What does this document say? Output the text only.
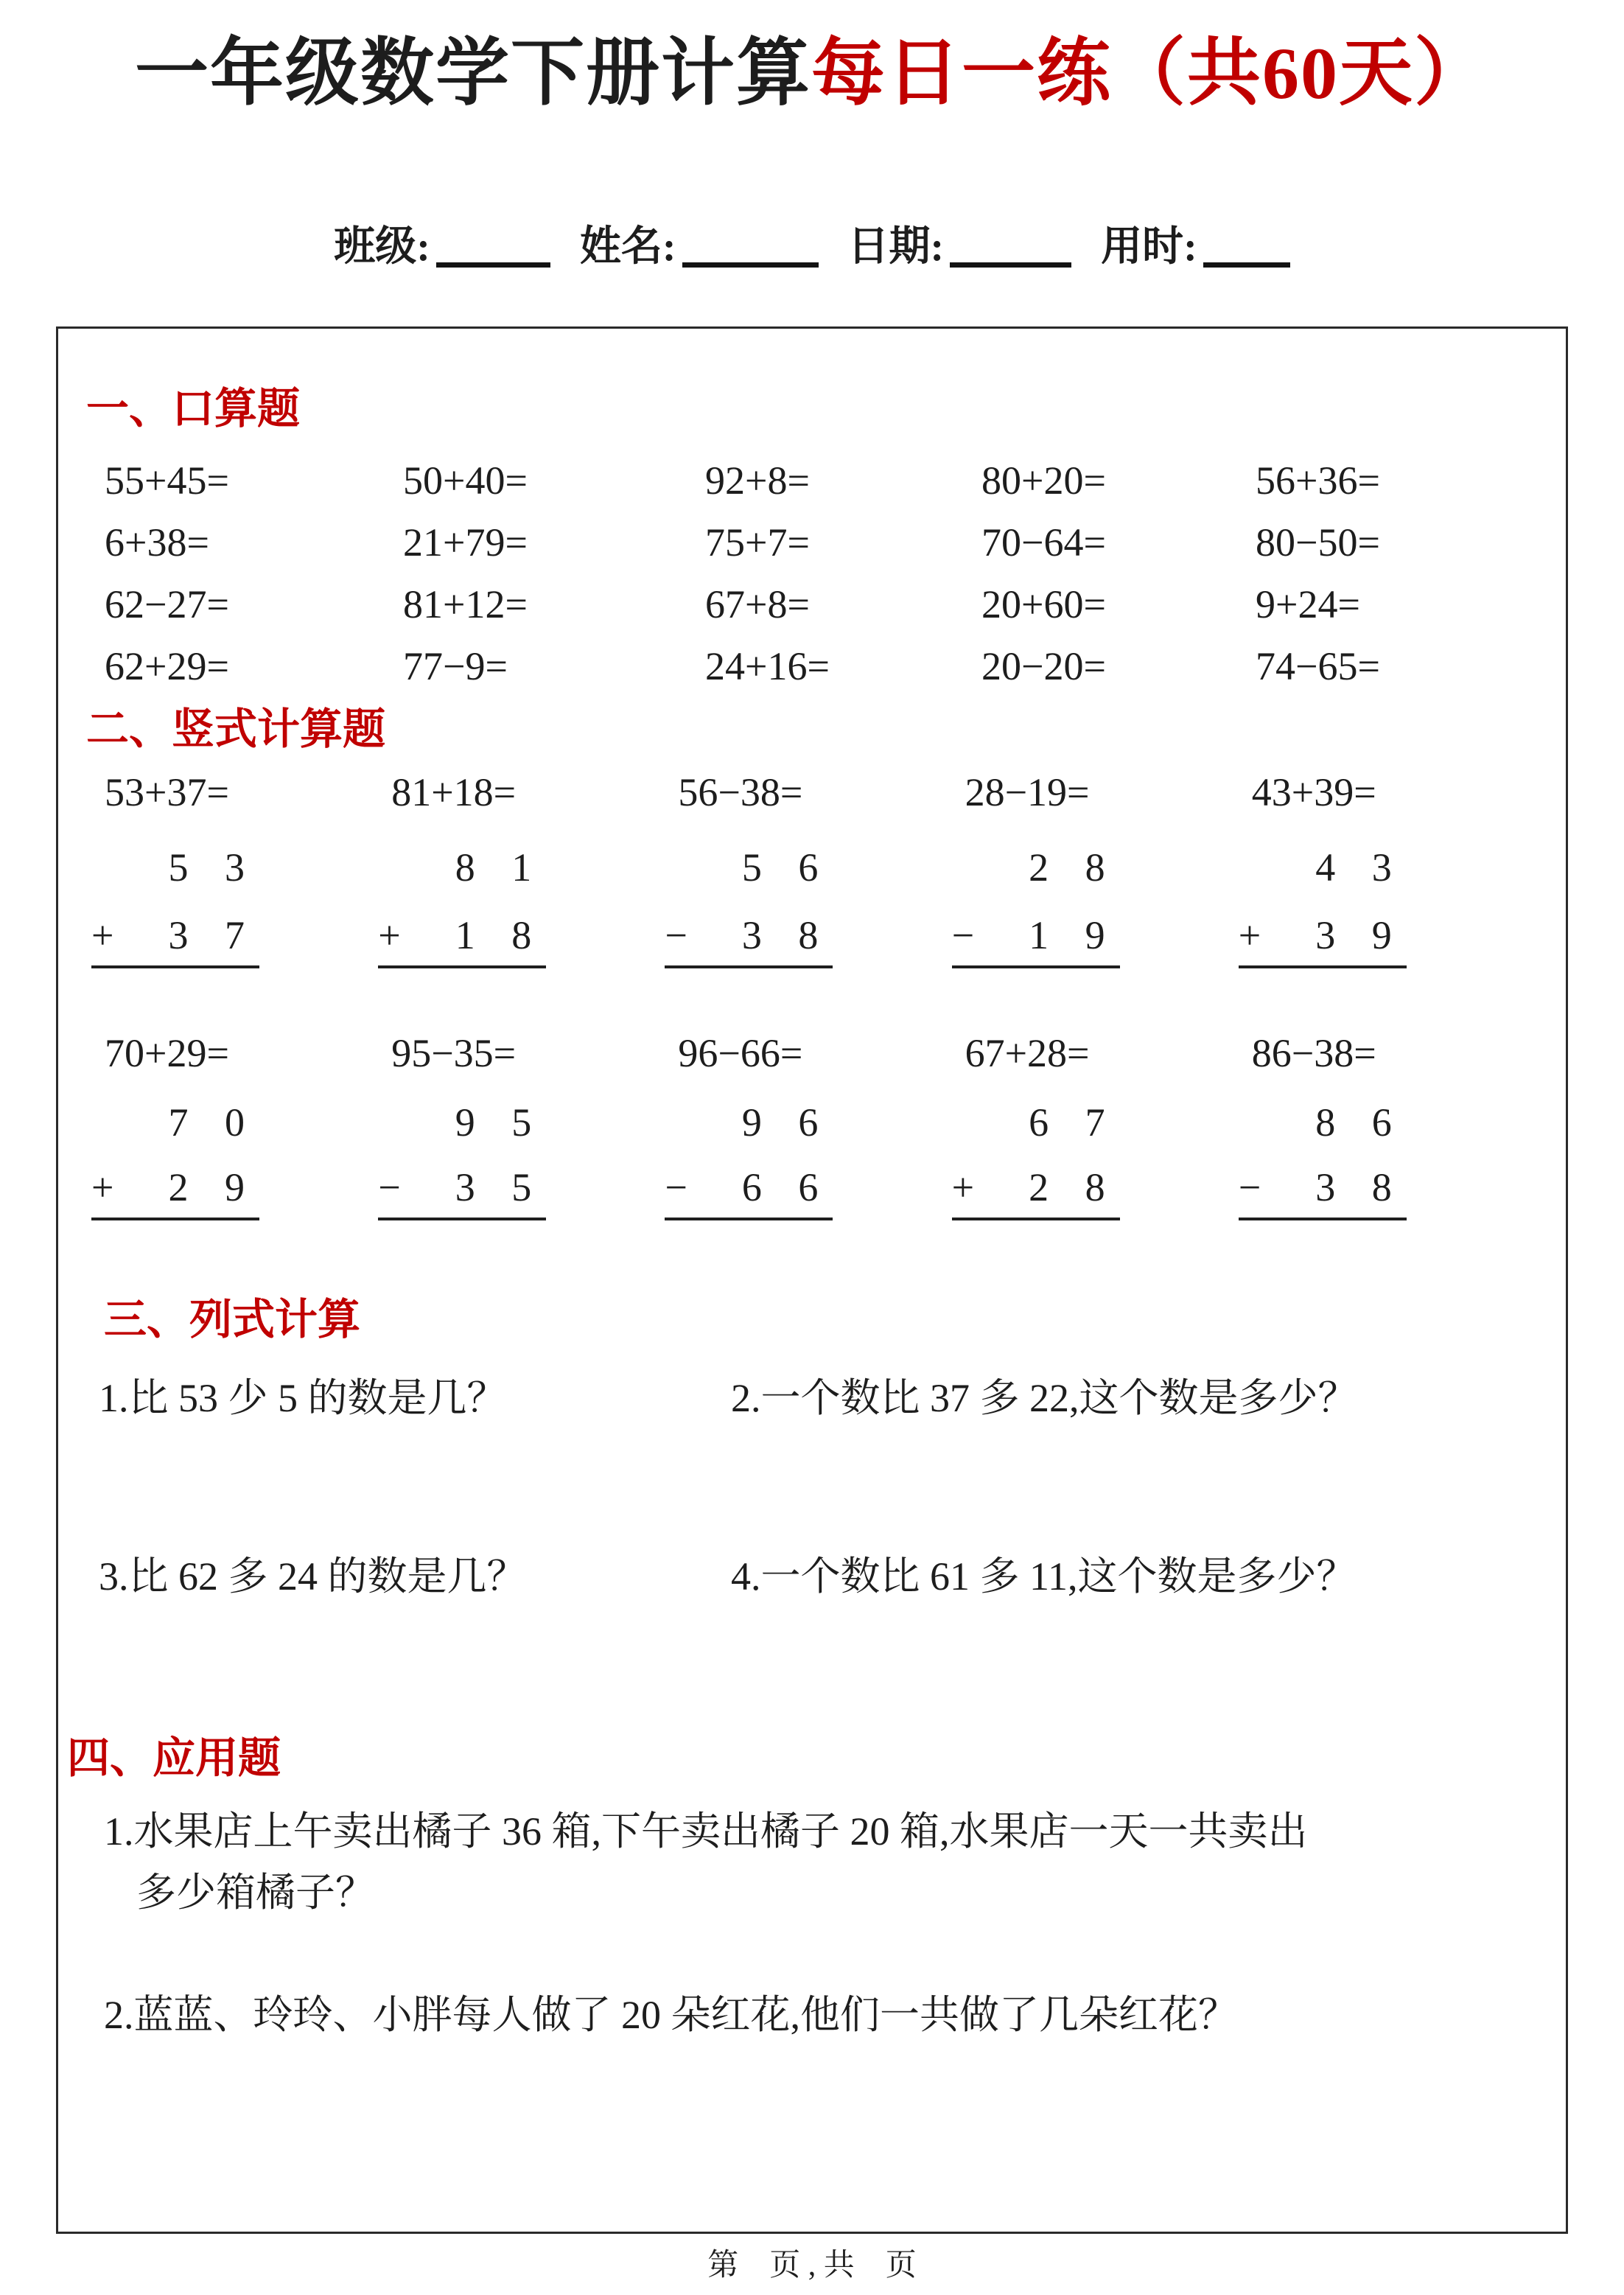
一年级数学下册计算每日一练（共60天）
班级:	姓名:	日期:	用时:
一、口算题
55+45=	50+40=	92+8=	80+20=	56+36=
6+38=	21+79=	75+7=	70−64=	80−50=
62−27=	81+12=	67+8=	20+60=	9+24=
62+29=	77−9=	24+16=	20−20=	74−65=
二、竖式计算题
53+37=
5 3
+ 3 7
81+18=
8 1
+ 1 8
56−38=
5 6
− 3 8
28−19=
2 8
− 1 9
43+39=
4 3
+ 3 9
70+29=
7 0
+ 2 9
95−35=
9 5
− 3 5
96−66=
9 6
− 6 6
67+28=
6 7
+ 2 8
86−38=
8 6
− 3 8
三、列式计算
1.比 53 少 5 的数是几？	2.一个数比 37 多 22,这个数是多少？
3.比 62 多 24 的数是几？	4.一个数比 61 多 11,这个数是多少？
四、应用题
1.水果店上午卖出橘子 36 箱,下午卖出橘子 20 箱,水果店一天一共卖出
多少箱橘子？
2.蓝蓝、玲玲、小胖每人做了 20 朵红花,他们一共做了几朵红花？
第    页 , 共    页
